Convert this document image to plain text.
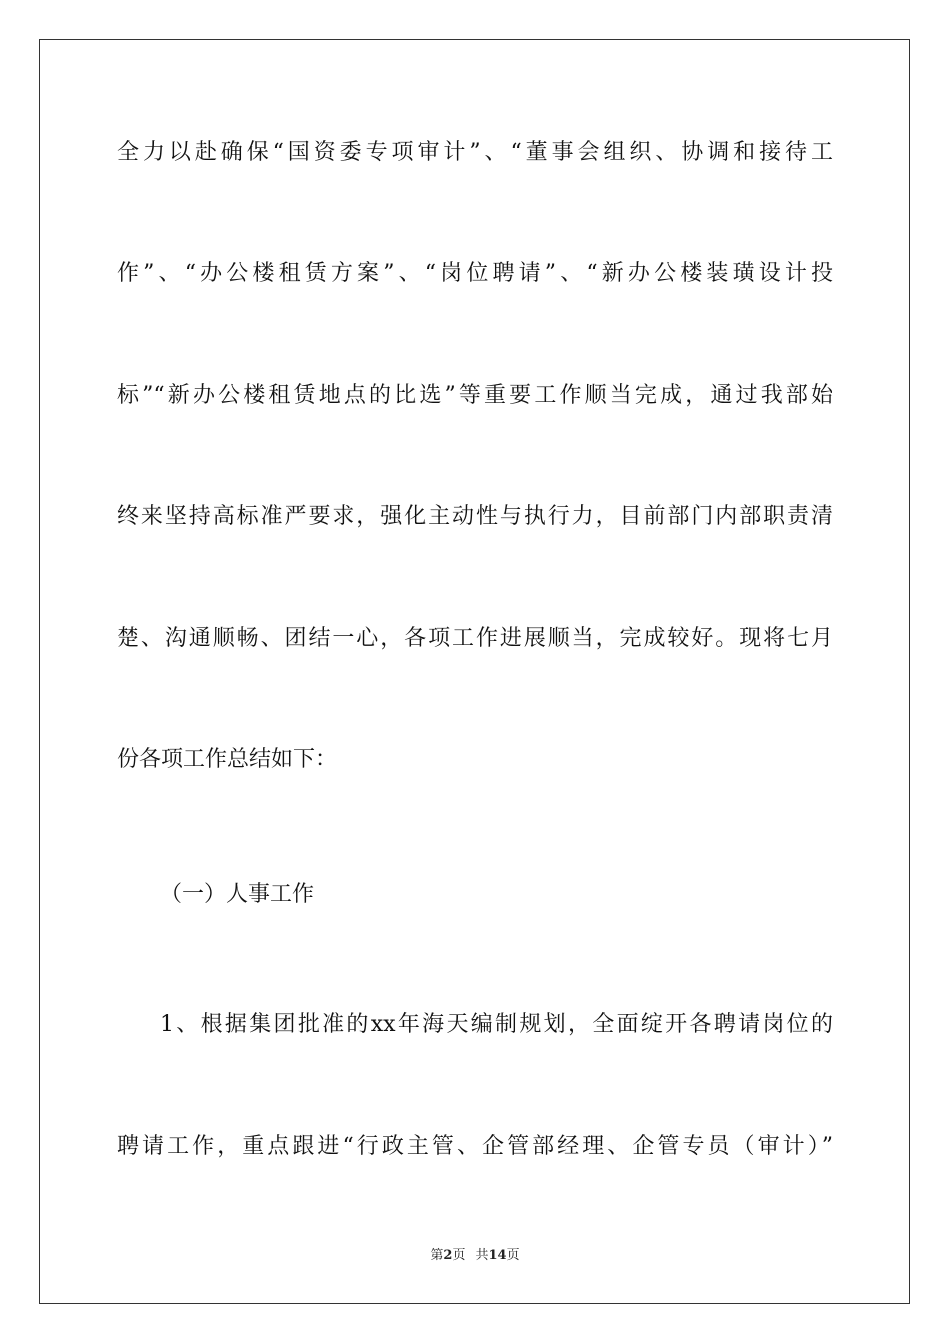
全力以赴确保“国资委专项审计”、“董事会组织、协调和接待工
作”、“办公楼租赁方案”、“岗位聘请”、“新办公楼装璜设计投
标”“新办公楼租赁地点的比选”等重要工作顺当完成，通过我部始
终来坚持高标准严要求，强化主动性与执行力，目前部门内部职责清
楚、沟通顺畅、团结一心，各项工作进展顺当，完成较好。现将七月
份各项工作总结如下：
（一）人事工作
1、根据集团批准的xx年海天编制规划，全面绽开各聘请岗位的
聘请工作，重点跟进“行政主管、企管部经理、企管专员（审计）”
第2页 共14页
